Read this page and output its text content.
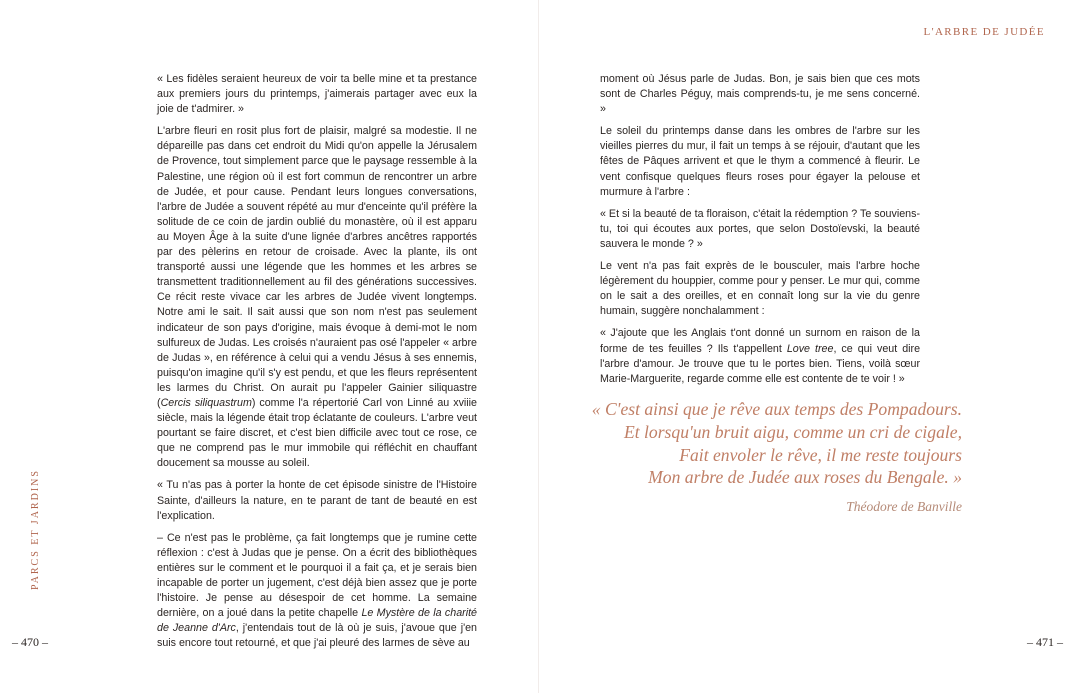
L'ARBRE DE JUDÉE
PARCS ET JARDINS

« Les fidèles seraient heureux de voir ta belle mine et ta prestance aux premiers jours du printemps, j'aimerais partager avec eux la joie de t'admirer. »

L'arbre fleuri en rosit plus fort de plaisir, malgré sa modestie. Il ne dépareille pas dans cet endroit du Midi qu'on appelle la Jérusalem de Provence, tout simplement parce que le paysage ressemble à la Palestine, une région où il est fort commun de rencontrer un arbre de Judée, et pour cause. Pendant leurs longues conversations, l'arbre de Judée a souvent répété au mur d'enceinte qu'il préfère la solitude de ce coin de jardin oublié du monastère, où il est apparu au Moyen Âge à la suite d'une lignée d'arbres ancêtres rapportés par des pèlerins en retour de croisade. Avec la plante, ils ont transporté aussi une légende que les hommes et les arbres se transmettent traditionnellement au fil des générations successives. Ce récit reste vivace car les arbres de Judée vivent longtemps. Notre ami le sait. Il sait aussi que son nom n'est pas seulement indicateur de son pays d'origine, mais évoque à demi-mot le nom sulfureux de Judas. Les croisés n'auraient pas osé l'appeler « arbre de Judas », en référence à celui qui a vendu Jésus à ses ennemis, puisqu'on imagine qu'il s'y est pendu, et que les fleurs représentent les larmes du Christ. On aurait pu l'appeler Gainier siliquastre (Cercis siliquastrum) comme l'a répertorié Carl von Linné au xviiie siècle, mais la légende était trop éclatante de couleurs. L'arbre veut pourtant se faire discret, et c'est bien difficile avec tout ce rose, ce que ne comprend pas le mur immobile qui réfléchit en chauffant doucement sa mousse au soleil.

« Tu n'as pas à porter la honte de cet épisode sinistre de l'Histoire Sainte, d'ailleurs la nature, en te parant de tant de beauté en est l'explication.

– Ce n'est pas le problème, ça fait longtemps que je rumine cette réflexion : c'est à Judas que je pense. On a écrit des bibliothèques entières sur le comment et le pourquoi il a fait ça, et je serais bien incapable de porter un jugement, c'est déjà bien assez que je porte l'histoire. Je pense au désespoir de cet homme. La semaine dernière, on a joué dans la petite chapelle Le Mystère de la charité de Jeanne d'Arc, j'entendais tout de là où je suis, j'avoue que j'en suis encore tout retourné, et que j'ai pleuré des larmes de sève au

moment où Jésus parle de Judas. Bon, je sais bien que ces mots sont de Charles Péguy, mais comprends-tu, je me sens concerné. »

Le soleil du printemps danse dans les ombres de l'arbre sur les vieilles pierres du mur, il fait un temps à se réjouir, d'autant que les fêtes de Pâques arrivent et que le thym a commencé à fleurir. Le vent confisque quelques fleurs roses pour égayer la pelouse et murmure à l'arbre :

« Et si la beauté de ta floraison, c'était la rédemption ? Te souviens-tu, toi qui écoutes aux portes, que selon Dostoïevski, la beauté sauvera le monde ? »

Le vent n'a pas fait exprès de le bousculer, mais l'arbre hoche légèrement du houppier, comme pour y penser. Le mur qui, comme on le sait a des oreilles, et en connaît long sur la vie du genre humain, suggère nonchalamment :

« J'ajoute que les Anglais t'ont donné un surnom en raison de la forme de tes feuilles ? Ils t'appellent Love tree, ce qui veut dire l'arbre d'amour. Je trouve que tu le portes bien. Tiens, voilà sœur Marie-Marguerite, regarde comme elle est contente de te voir ! »

« C'est ainsi que je rêve aux temps des Pompadours.
Et lorsqu'un bruit aigu, comme un cri de cigale,
Fait envoler le rêve, il me reste toujours
Mon arbre de Judée aux roses du Bengale. »
Théodore de Banville
– 470 –	– 471 –
